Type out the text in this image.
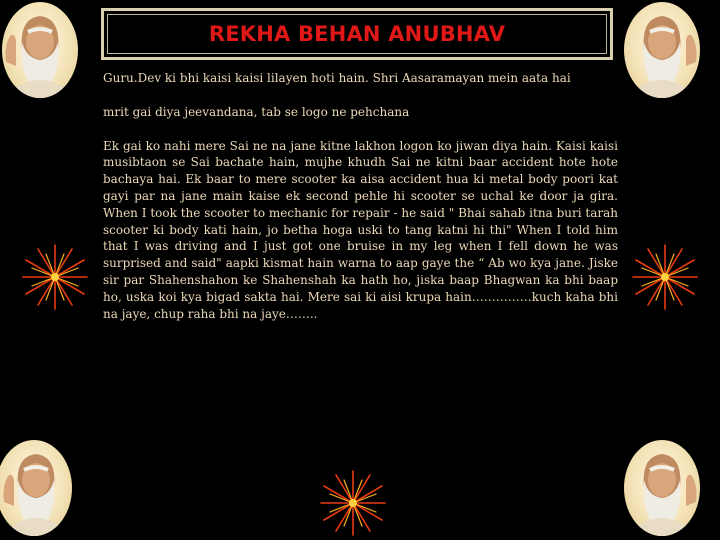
REKHA BEHAN ANUBHAV

Guru.Dev ki bhi kaisi kaisi lilayen hoti hain. Shri Aasaramayan mein aata hai

mrit gai diya jeevandana, tab se logo ne pehchana

Ek gai ko nahi mere Sai ne na jane kitne lakhon logon ko jiwan diya hain. Kaisi kaisi musibtaon se Sai bachate hain, mujhe khudh Sai ne kitni baar accident hote hote bachaya hai. Ek baar to mere scooter ka aisa accident hua ki metal body poori kat gayi par na jane main kaise ek second pehle hi scooter se uchal ke door ja gira. When I took the scooter to mechanic for repair - he said " Bhai sahab itna buri tarah scooter ki body kati hain, jo betha hoga uski to tang katni hi thi" When I told him that I was driving and I just got one bruise in my leg when I fell down he was surprised and said" aapki kismat hain warna to aap gaye the “ Ab wo kya jane. Jiske sir par Shahenshahon ke Shahenshah ka hath ho, jiska baap Bhagwan ka bhi baap ho, uska koi kya bigad sakta hai. Mere sai ki aisi krupa hain……………kuch kaha bhi na jaye, chup raha bhi na jaye……..
